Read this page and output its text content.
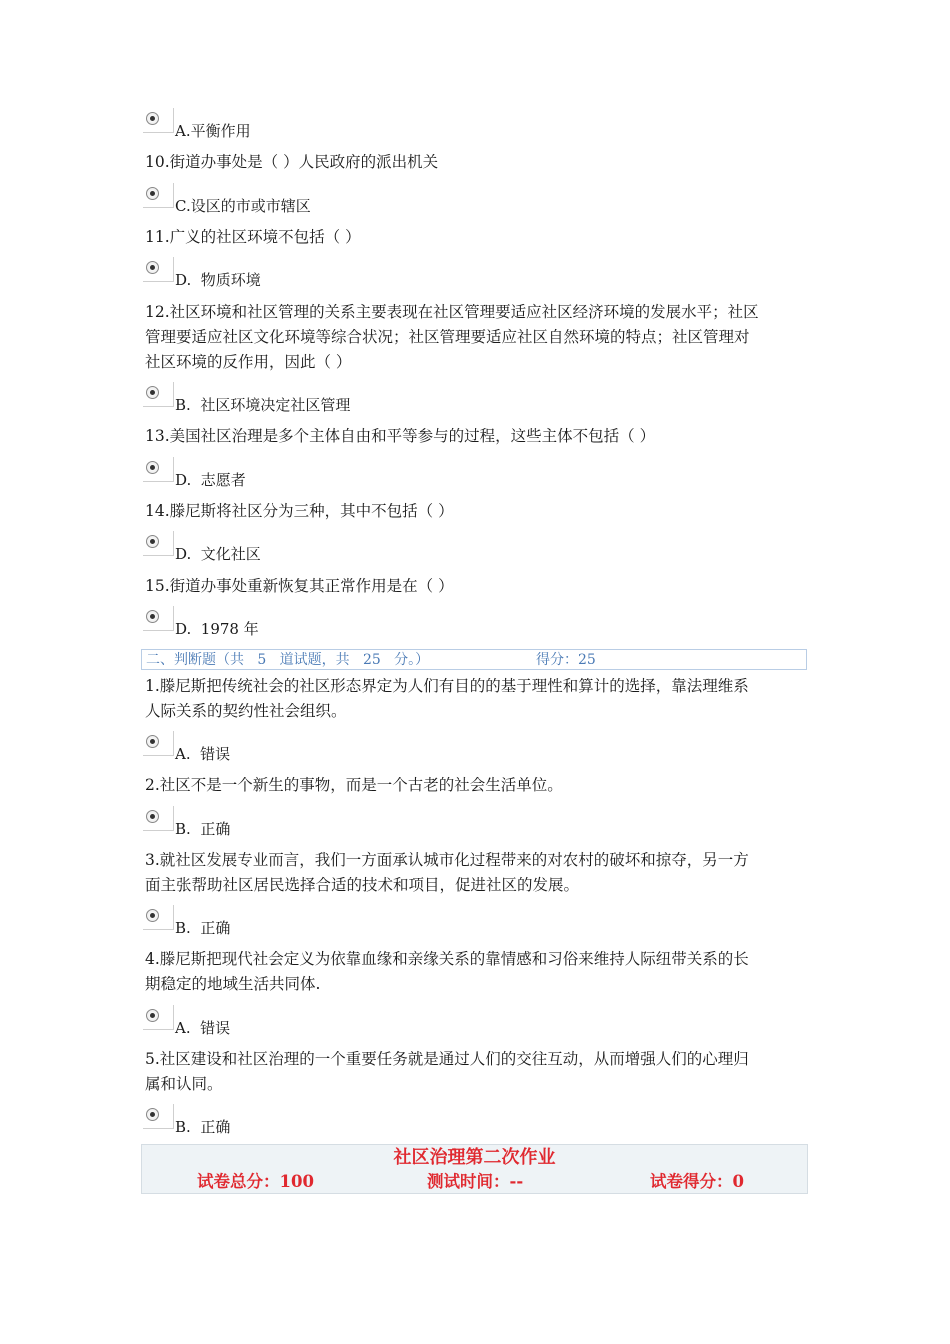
A.平衡作用
10.街道办事处是（ ）人民政府的派出机关
C.设区的市或市辖区
11.广义的社区环境不包括（ ）
D.  物质环境
12.社区环境和社区管理的关系主要表现在社区管理要适应社区经济环境的发展水平；社区
管理要适应社区文化环境等综合状况；社区管理要适应社区自然环境的特点；社区管理对
社区环境的反作用，因此（ ）
B.  社区环境决定社区管理
13.美国社区治理是多个主体自由和平等参与的过程，这些主体不包括（ ）
D.  志愿者
14.滕尼斯将社区分为三种，其中不包括（ ）
D.  文化社区
15.街道办事处重新恢复其正常作用是在（ ）
D.  1978 年

二、判断题（共   5   道试题，共   25   分。）

	得分：25

1.滕尼斯把传统社会的社区形态界定为人们有目的的基于理性和算计的选择，靠法理维系
人际关系的契约性社会组织。
A.  错误
2.社区不是一个新生的事物，而是一个古老的社会生活单位。
B.  正确
3.就社区发展专业而言，我们一方面承认城市化过程带来的对农村的破坏和掠夺，另一方
面主张帮助社区居民选择合适的技术和项目，促进社区的发展。
B.  正确
4.滕尼斯把现代社会定义为依靠血缘和亲缘关系的靠情感和习俗来维持人际纽带关系的长
期稳定的地域生活共同体.
A.  错误
5.社区建设和社区治理的一个重要任务就是通过人们的交往互动，从而增强人们的心理归
属和认同。
B.  正确
社区治理第二次作业
试卷总分：100	测试时间：--	试卷得分：0
